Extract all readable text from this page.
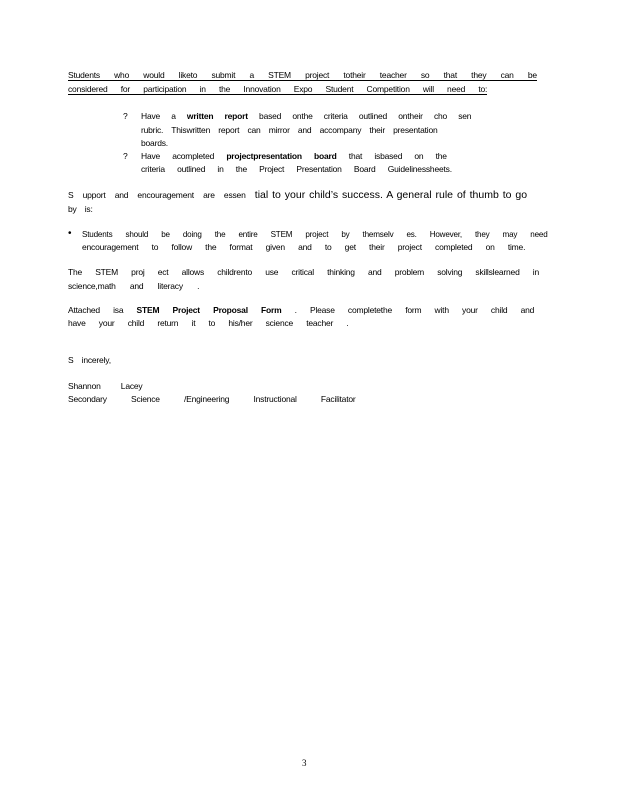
Students who would liketo submit a STEM project totheir teacher so that they can be
considered for participation in the Innovation Expo Student Competition will need to:
? Have a written report based onthe criteria outlined ontheir cho sen
rubric. Thiswritten report can mirror and accompany their presentation
boards.
? Have acompleted projectpresentation board that isbased on the
criteria outlined in the Project Presentation Board Guidelinessheets.
S upport and encouragement are essen tial to your child’s success. A general rule of thumb to go
by is:
• Students should be doing the entire STEM project by themselv es. However, they may need
encouragement to follow the format given and to get their project completed on time.
The STEM proj ect allows childrento use critical thinking and problem solving skillslearned in
science,math and literacy .
Attached isa STEM Project Proposal Form . Please completethe form with your child and
have your child return it to his/her science teacher .
S incerely,
Shannon Lacey
Secondary Science /Engineering Instructional Facilitator
3
